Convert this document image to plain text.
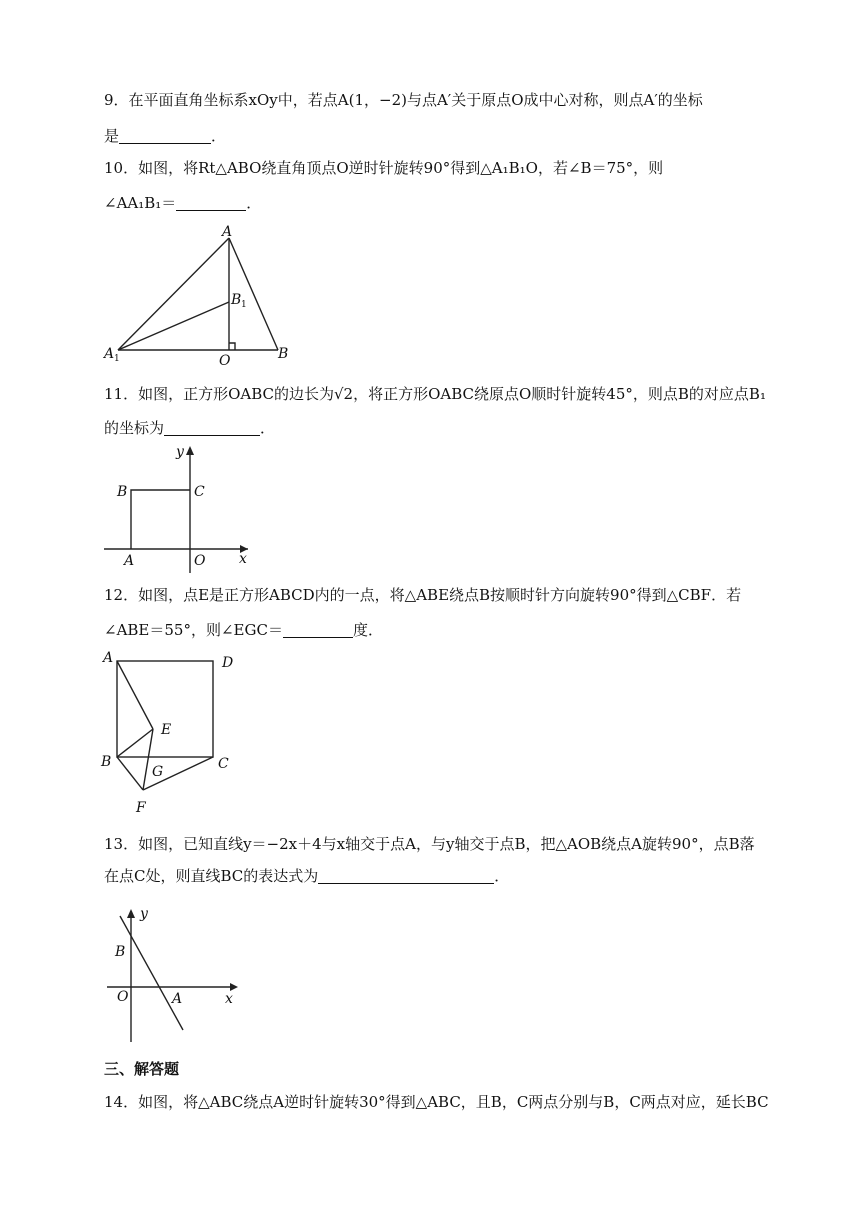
9．在平面直角坐标系xOy中，若点A(1，−2)与点A′关于原点O成中心对称，则点A′的坐标
是	．
10．如图，将Rt△ABO绕直角顶点O逆时针旋转90°得到△A₁B₁O，若∠B＝75°，则
∠AA₁B₁＝	．
A
B 1
A 1	O	B
11．如图，正方形OABC的边长为√2，将正方形OABC绕原点O顺时针旋转45°，则点B的对应点B₁
的坐标为	．
y
B	C
A	O x
12．如图，点E是正方形ABCD内的一点，将△ABE绕点B按顺时针方向旋转90°得到△CBF．若
∠ABE＝55°，则∠EGC＝	度．
A	D
E
B
G	C
F
13．如图，已知直线y＝−2x＋4与x轴交于点A，与y轴交于点B，把△AOB绕点A旋转90°，点B落
在点C处，则直线BC的表达式为	．
y
B
O	A	x
三、解答题
14．如图，将△ABC绕点A逆时针旋转30°得到△ABC，且B，C两点分别与B，C两点对应，延长BC
